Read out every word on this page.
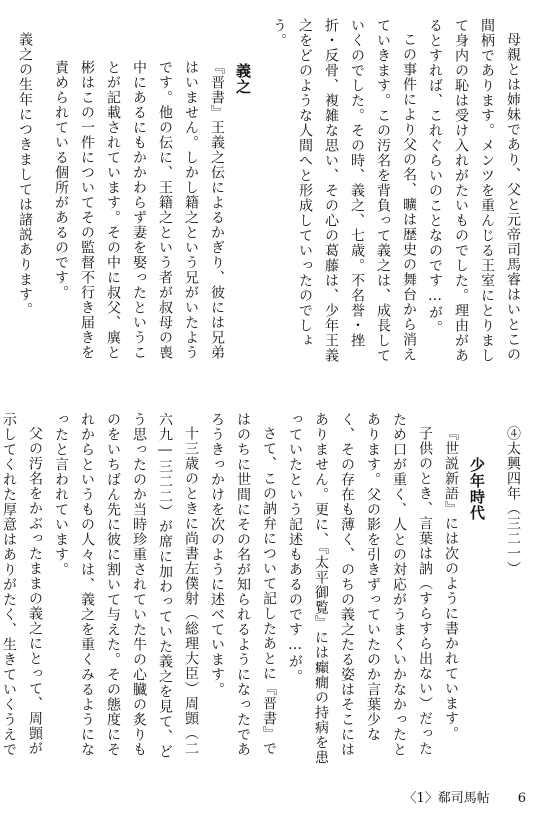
母親とは姉妹であり、父と元帝司馬睿はいとこの間柄であります。メンツを重んじる王室にとりまして身内の恥は受け入れがたいものでした。理由があるとすれば、これぐらいのことなのです…が。

この事件により父の名、曠は歴史の舞台から消えていきます。この汚名を背負って義之は、成長していくのでした。その時、義之、七歳。不名誉・挫折・反骨、複雑な思い、その心の葛藤は、少年王義之をどのような人間へと形成していったのでしょう。

義之

『晋書』王義之伝によるかぎり、彼には兄弟はいません。しかし籍之という兄がいたようです。他の伝に、王籍之という者が叔母の喪中にあるにもかかわらず妻を娶ったということが記載されています。その中に叔父、廙と彬はこの一件についてその監督不行き届きを責められている個所があるのです。

義之の生年につきましては諸説あります。

④太興四年（三二一）

少年時代

『世説新語』には次のように書かれています。

子供のとき、言葉は訥（すらすら出ない）だったため口が重く、人との対応がうまくいかなかったとあります。父の影を引きずっていたのか言葉少なく、その存在も薄く、のちの義之たる姿はそこにはありません。更に、『太平御覧』には癲癇の持病を患っていたという記述もあるのです…が。

さて、この訥弁について記したあとに『晋書』ではのちに世間にその名が知られるようになったであろうきっかけを次のように述べています。

十三歳のときに尚書左僕射（総理大臣）周顗（二六九―三二二）が席に加わっていた義之を見て、どう思ったのか当時珍重されていた牛の心臓の炙りものをいちばん先に彼に割いて与えた。その態度にそれからというもの人々は、義之を重くみるようになったと言われています。

父の汚名をかぶったままの義之にとって、周顗が示してくれた厚意はありがたく、生きていくうえで

〈1〉郗司馬帖 6
